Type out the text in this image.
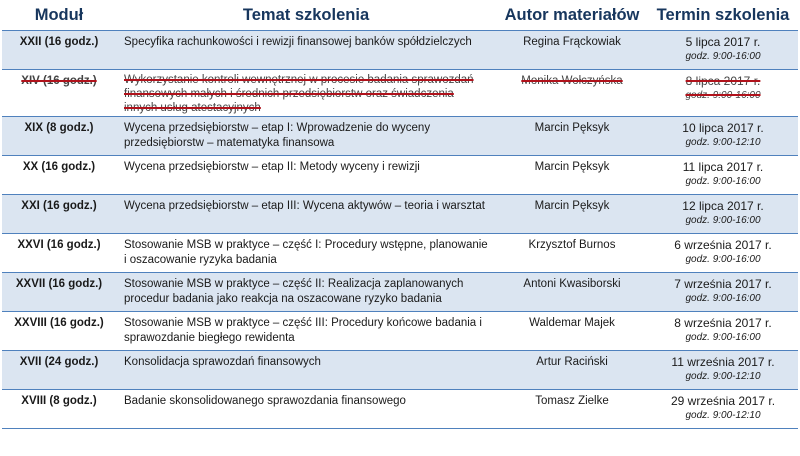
Moduł	Temat szkolenia	Autor materiałów	Termin szkolenia
XXII (16 godz.)	Specyfika rachunkowości i rewizji finansowej banków spółdzielczych	Regina Frąckowiak	5 lipca 2017 r.
godz. 9:00-16:00

XIV (16 godz.)	Wykorzystanie kontroli wewnętrznej w procesie badania sprawozdań finansowych małych i średnich przedsiębiorstw oraz świadczenia innych usług atestacyjnych	Monika Wołczyńska	8 lipca 2017 r.
godz. 9:00-16:00

XIX (8 godz.)	Wycena przedsiębiorstw – etap I: Wprowadzenie do wyceny przedsiębiorstw – matematyka finansowa	Marcin Pęksyk	10 lipca 2017 r.
godz. 9:00-12:10

XX (16 godz.)	Wycena przedsiębiorstw – etap II: Metody wyceny i rewizji	Marcin Pęksyk	11 lipca 2017 r.
godz. 9:00-16:00

XXI (16 godz.)	Wycena przedsiębiorstw – etap III: Wycena aktywów – teoria i warsztat	Marcin Pęksyk	12 lipca 2017 r.
godz. 9:00-16:00

XXVI (16 godz.)	Stosowanie MSB w praktyce – część I: Procedury wstępne, planowanie i oszacowanie ryzyka badania	Krzysztof Burnos	6 września 2017 r.
godz. 9:00-16:00

XXVII (16 godz.)	Stosowanie MSB w praktyce – część II: Realizacja zaplanowanych procedur badania jako reakcja na oszacowane ryzyko badania	Antoni Kwasiborski	7 września 2017 r.
godz. 9:00-16:00

XXVIII (16 godz.)	Stosowanie MSB w praktyce – część III: Procedury końcowe badania i sprawozdanie biegłego rewidenta	Waldemar Majek	8 września 2017 r.
godz. 9:00-16:00

XVII (24 godz.)	Konsolidacja sprawozdań finansowych	Artur Raciński	11 września 2017 r.
godz. 9:00-12:10

XVIII (8 godz.)	Badanie skonsolidowanego sprawozdania finansowego	Tomasz Zielke	29 września 2017 r.
godz. 9:00-12:10
